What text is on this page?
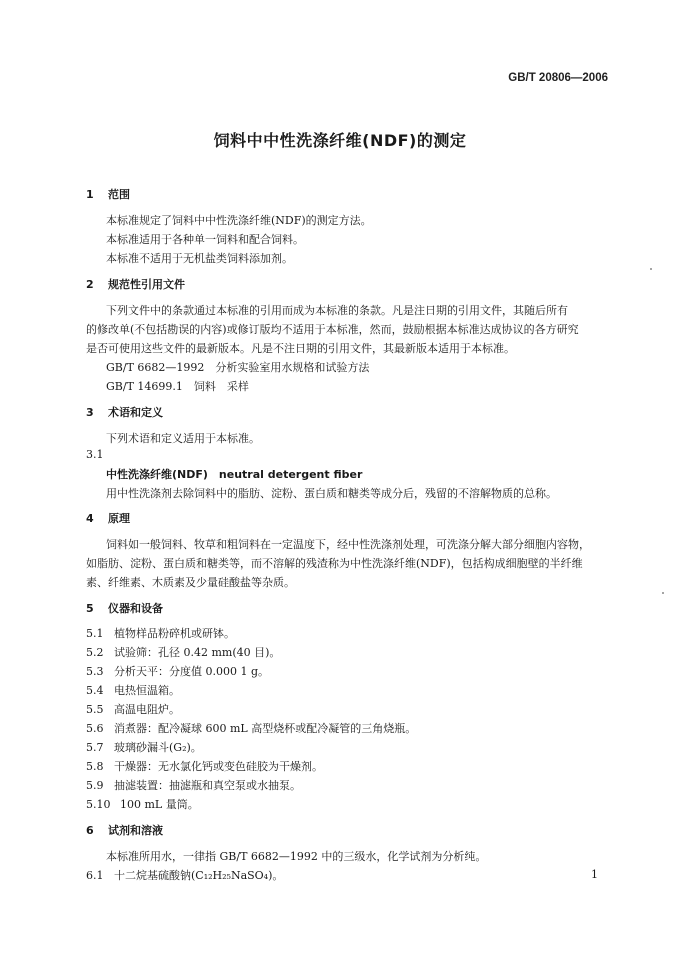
GB/T 20806—2006
饲料中中性洗涤纤维(NDF)的测定
1 范围
本标准规定了饲料中中性洗涤纤维(NDF)的测定方法。
本标准适用于各种单一饲料和配合饲料。
本标准不适用于无机盐类饲料添加剂。
2 规范性引用文件
下列文件中的条款通过本标准的引用而成为本标准的条款。凡是注日期的引用文件，其随后所有
的修改单(不包括勘误的内容)或修订版均不适用于本标准，然而，鼓励根据本标准达成协议的各方研究
是否可使用这些文件的最新版本。凡是不注日期的引用文件，其最新版本适用于本标准。
GB/T 6682—1992　分析实验室用水规格和试验方法
GB/T 14699.1　饲料　采样
3 术语和定义
下列术语和定义适用于本标准。
3.1
中性洗涤纤维(NDF)　neutral detergent fiber
用中性洗涤剂去除饲料中的脂肪、淀粉、蛋白质和糖类等成分后，残留的不溶解物质的总称。
4 原理
饲料如一般饲料、牧草和粗饲料在一定温度下，经中性洗涤剂处理，可洗涤分解大部分细胞内容物，
如脂肪、淀粉、蛋白质和糖类等，而不溶解的残渣称为中性洗涤纤维(NDF)，包括构成细胞壁的半纤维
素、纤维素、木质素及少量硅酸盐等杂质。
5 仪器和设备
5.1 植物样品粉碎机或研钵。
5.2 试验筛：孔径 0.42 mm(40 目)。
5.3 分析天平：分度值 0.000 1 g。
5.4 电热恒温箱。
5.5 高温电阻炉。
5.6 消煮器：配冷凝球 600 mL 高型烧杯或配冷凝管的三角烧瓶。
5.7 玻璃砂漏斗(G₂)。
5.8 干燥器：无水氯化钙或变色硅胶为干燥剂。
5.9 抽滤装置：抽滤瓶和真空泵或水抽泵。
5.10 100 mL 量筒。
6 试剂和溶液
本标准所用水，一律指 GB/T 6682—1992 中的三级水，化学试剂为分析纯。
6.1 十二烷基硫酸钠(C₁₂H₂₅NaSO₄)。	1
